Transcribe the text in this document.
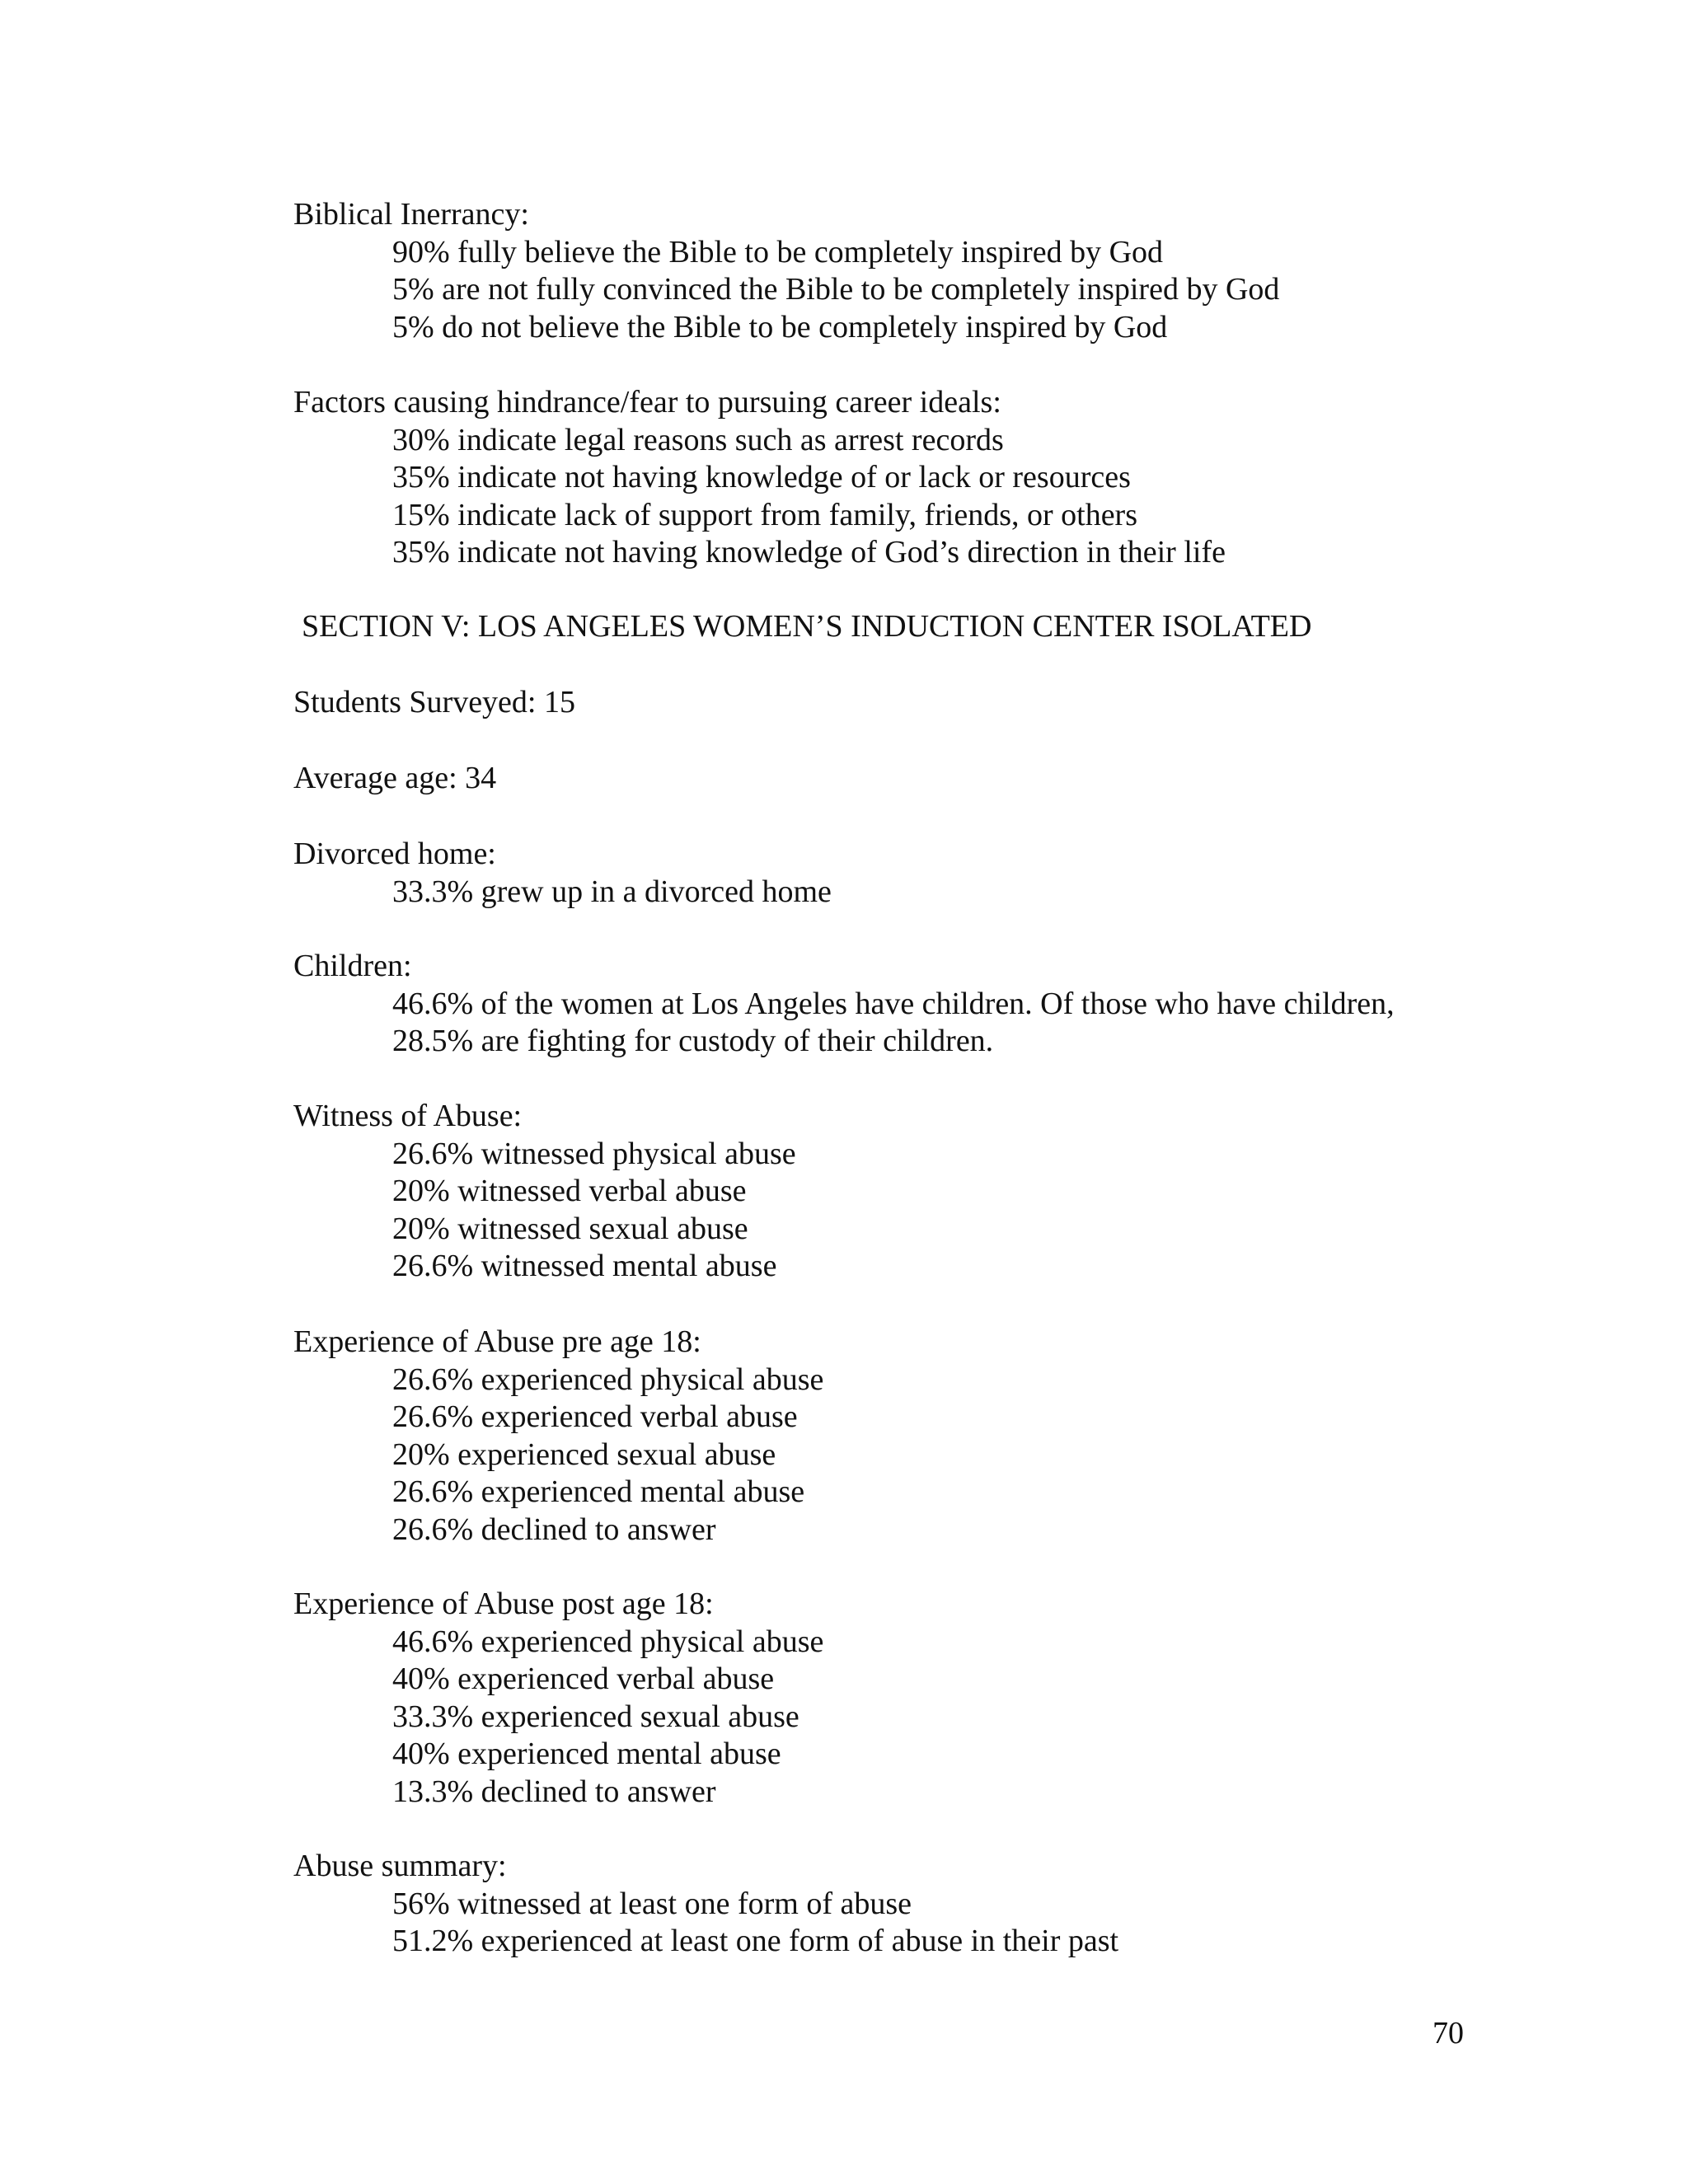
Biblical Inerrancy:
90% fully believe the Bible to be completely inspired by God
5% are not fully convinced the Bible to be completely inspired by God
5% do not believe the Bible to be completely inspired by God
Factors causing hindrance/fear to pursuing career ideals:
30% indicate legal reasons such as arrest records
35% indicate not having knowledge of or lack or resources
15% indicate lack of support from family, friends, or others
35% indicate not having knowledge of God’s direction in their life
SECTION V: LOS ANGELES WOMEN’S INDUCTION CENTER ISOLATED
Students Surveyed: 15
Average age: 34
Divorced home:
33.3% grew up in a divorced home
Children:
46.6% of the women at Los Angeles have children. Of those who have children,
28.5% are fighting for custody of their children.
Witness of Abuse:
26.6% witnessed physical abuse
20% witnessed verbal abuse
20% witnessed sexual abuse
26.6% witnessed mental abuse
Experience of Abuse pre age 18:
26.6% experienced physical abuse
26.6% experienced verbal abuse
20% experienced sexual abuse
26.6% experienced mental abuse
26.6% declined to answer
Experience of Abuse post age 18:
46.6% experienced physical abuse
40% experienced verbal abuse
33.3% experienced sexual abuse
40% experienced mental abuse
13.3% declined to answer
Abuse summary:
56% witnessed at least one form of abuse
51.2% experienced at least one form of abuse in their past
70
